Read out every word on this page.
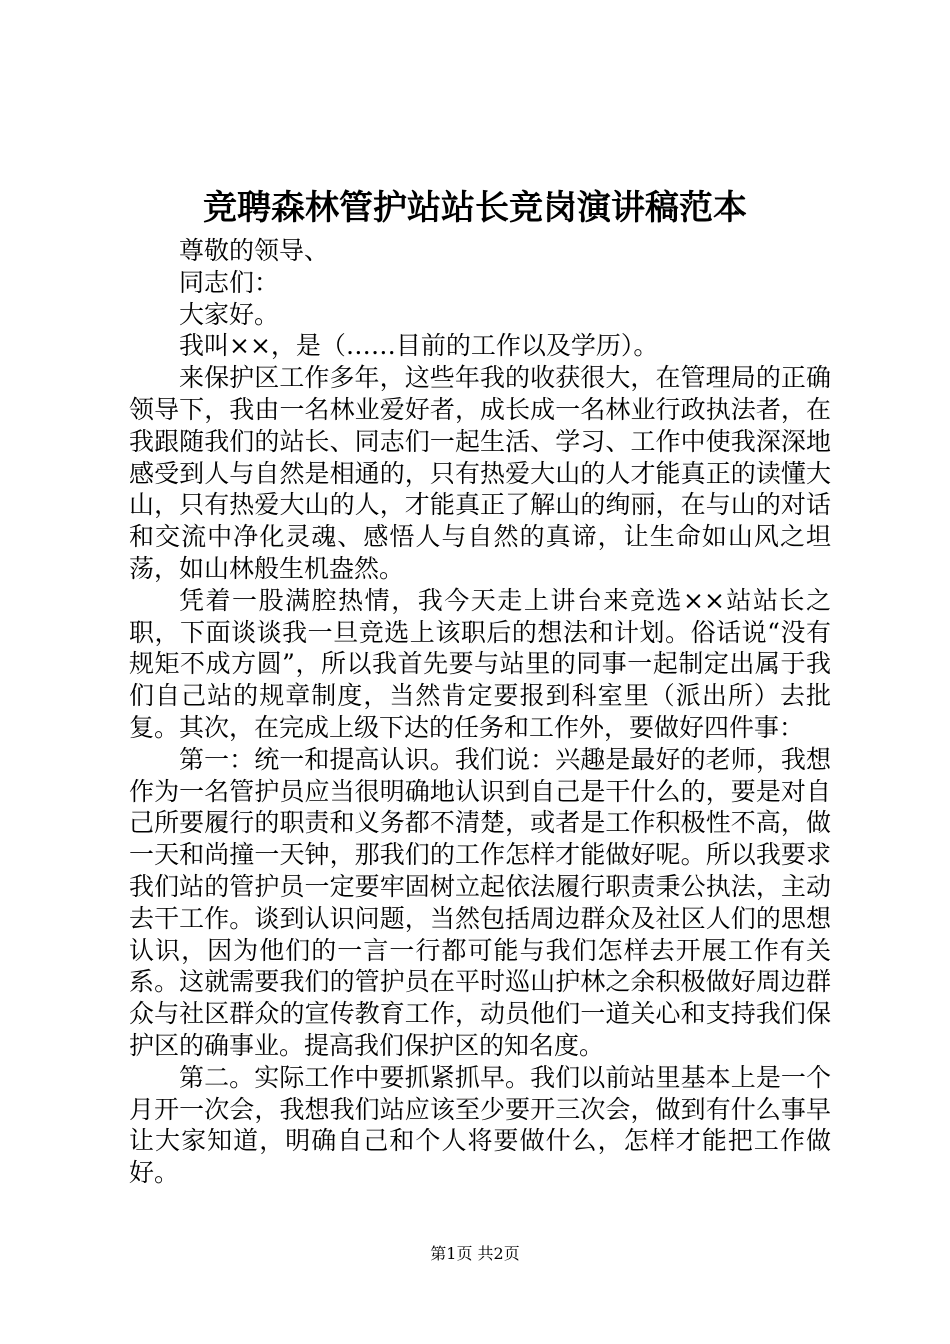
竞聘森林管护站站长竞岗演讲稿范本

尊敬的领导、

同志们：

大家好。

我叫××，是（……目前的工作以及学历）。

来保护区工作多年，这些年我的收获很大，在管理局的正确领导下，我由一名林业爱好者，成长成一名林业行政执法者，在我跟随我们的站长、同志们一起生活、学习、工作中使我深深地感受到人与自然是相通的，只有热爱大山的人才能真正的读懂大山，只有热爱大山的人，才能真正了解山的绚丽，在与山的对话和交流中净化灵魂、感悟人与自然的真谛，让生命如山风之坦荡，如山林般生机盎然。

凭着一股满腔热情，我今天走上讲台来竞选××站站长之职，下面谈谈我一旦竞选上该职后的想法和计划。俗话说“没有规矩不成方圆”，所以我首先要与站里的同事一起制定出属于我们自己站的规章制度，当然肯定要报到科室里（派出所）去批复。其次，在完成上级下达的任务和工作外，要做好四件事：

第一：统一和提高认识。我们说：兴趣是最好的老师，我想作为一名管护员应当很明确地认识到自己是干什么的，要是对自己所要履行的职责和义务都不清楚，或者是工作积极性不高，做一天和尚撞一天钟，那我们的工作怎样才能做好呢。所以我要求我们站的管护员一定要牢固树立起依法履行职责秉公执法，主动去干工作。谈到认识问题，当然包括周边群众及社区人们的思想认识，因为他们的一言一行都可能与我们怎样去开展工作有关系。这就需要我们的管护员在平时巡山护林之余积极做好周边群众与社区群众的宣传教育工作，动员他们一道关心和支持我们保护区的确事业。提高我们保护区的知名度。

第二。实际工作中要抓紧抓早。我们以前站里基本上是一个月开一次会，我想我们站应该至少要开三次会，做到有什么事早让大家知道，明确自己和个人将要做什么，怎样才能把工作做好。

第1页 共2页
